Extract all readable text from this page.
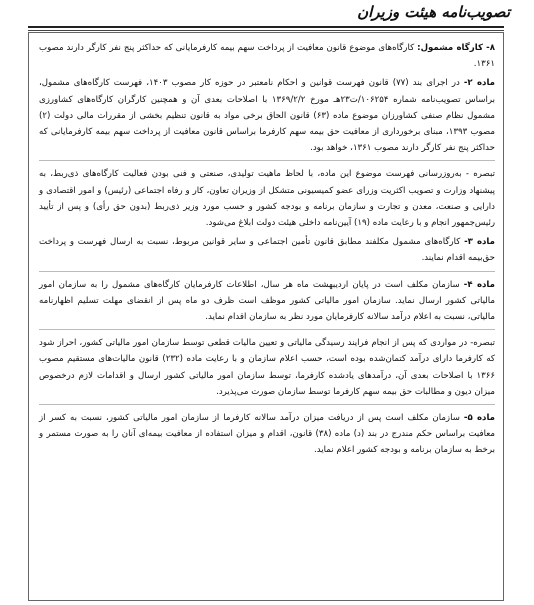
تصویب‌نامه هیئت وزیران

۸- کارگاه مشمول: کارگاه‌های موضوع قانون معافیت از پرداخت سهم بیمه کارفرمایانی که حداکثر پنج نفر کارگر دارند مصوب ۱۳۶۱.

ماده ۲- در اجرای بند (۷۷) قانون فهرست قوانین و احکام نامعتبر در حوزه کار مصوب ۱۴۰۳، فهرست کارگاه‌های مشمول، براساس تصویب‌نامه شماره ۱۰۶۲۵۴/ت۲۳هـ مورخ ۱۳۶۹/۲/۲ با اصلاحات بعدی آن و همچنین کارگران کارگاه‌های کشاورزی مشمول نظام صنفی کشاورزان موضوع ماده (۶۳) قانون الحاق برخی مواد به قانون تنظیم بخشی از مقررات مالی دولت (۲) مصوب ۱۳۹۳، مبنای برخورداری از معافیت حق بیمه سهم کارفرما براساس قانون معافیت از پرداخت سهم بیمه کارفرمایانی که حداکثر پنج نفر کارگر دارند مصوب ۱۳۶۱، خواهد بود.

تبصره - به‌روزرسانی فهرست موضوع این ماده، با لحاظ ماهیت تولیدی، صنعتی و فنی بودن فعالیت کارگاه‌های ذی‌ربط، به پیشنهاد وزارت و تصویب اکثریت وزرای عضو کمیسیونی متشکل از وزیران تعاون، کار و رفاه اجتماعی (رئیس) و امور اقتصادی و دارایی و صنعت، معدن و تجارت و سازمان برنامه و بودجه کشور و حسب مورد وزیر ذی‌ربط (بدون حق رأی) و پس از تأیید رئیس‌جمهور انجام و با رعایت ماده (۱۹) آیین‌نامه داخلی هیئت دولت ابلاغ می‌شود.

ماده ۳- کارگاه‌های مشمول مکلفند مطابق قانون تأمین اجتماعی و سایر قوانین مربوط، نسبت به ارسال فهرست و پرداخت حق‌بیمه اقدام نمایند.

ماده ۴- سازمان مکلف است در پایان اردیبهشت ماه هر سال، اطلاعات کارفرمایان کارگاه‌های مشمول را به سازمان امور مالیاتی کشور ارسال نماید. سازمان امور مالیاتی کشور موظف است ظرف دو ماه پس از انقضای مهلت تسلیم اظهارنامه مالیاتی، نسبت به اعلام درآمد سالانه کارفرمایان مورد نظر به سازمان اقدام نماید.

تبصره- در مواردی که پس از انجام فرایند رسیدگی مالیاتی و تعیین مالیات قطعی توسط سازمان امور مالیاتی کشور، احراز شود که کارفرما دارای درآمد کتمان‌شده بوده است، حسب اعلام سازمان و با رعایت ماده (۲۳۲) قانون مالیات‌های مستقیم مصوب ۱۳۶۶ با اصلاحات بعدی آن، درآمدهای یادشده کارفرما، توسط سازمان امور مالیاتی کشور ارسال و اقدامات لازم درخصوص میزان دیون و مطالبات حق بیمه سهم کارفرما توسط سازمان صورت می‌پذیرد.

ماده ۵- سازمان مکلف است پس از دریافت میزان درآمد سالانه کارفرما از سازمان امور مالیاتی کشور، نسبت به کسر از معافیت براساس حکم مندرج در بند (د) ماده (۳۸) قانون، اقدام و میزان استفاده از معافیت بیمه‌ای آنان را به صورت مستمر و برخط به سازمان برنامه و بودجه کشور اعلام نماید.
